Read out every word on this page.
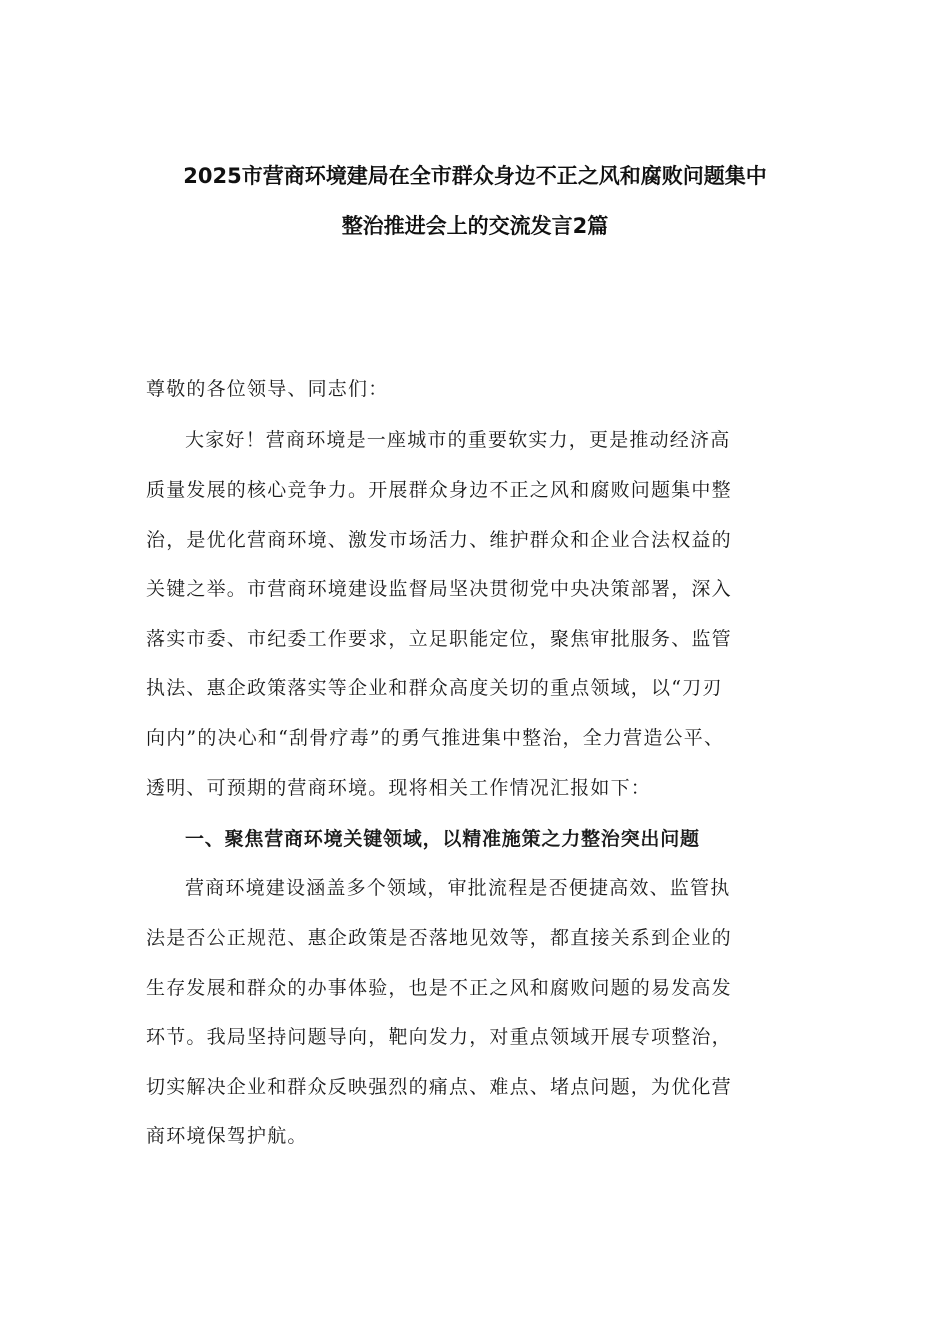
2025市营商环境建局在全市群众身边不正之风和腐败问题集中
整治推进会上的交流发言2篇
尊敬的各位领导、同志们：
大家好！营商环境是一座城市的重要软实力，更是推动经济高
质量发展的核心竞争力。开展群众身边不正之风和腐败问题集中整
治，是优化营商环境、激发市场活力、维护群众和企业合法权益的
关键之举。市营商环境建设监督局坚决贯彻党中央决策部署，深入
落实市委、市纪委工作要求，立足职能定位，聚焦审批服务、监管
执法、惠企政策落实等企业和群众高度关切的重点领域，以“刀刃
向内”的决心和“刮骨疗毒”的勇气推进集中整治，全力营造公平、
透明、可预期的营商环境。现将相关工作情况汇报如下：
一、聚焦营商环境关键领域，以精准施策之力整治突出问题
营商环境建设涵盖多个领域，审批流程是否便捷高效、监管执
法是否公正规范、惠企政策是否落地见效等，都直接关系到企业的
生存发展和群众的办事体验，也是不正之风和腐败问题的易发高发
环节。我局坚持问题导向，靶向发力，对重点领域开展专项整治，
切实解决企业和群众反映强烈的痛点、难点、堵点问题，为优化营
商环境保驾护航。
